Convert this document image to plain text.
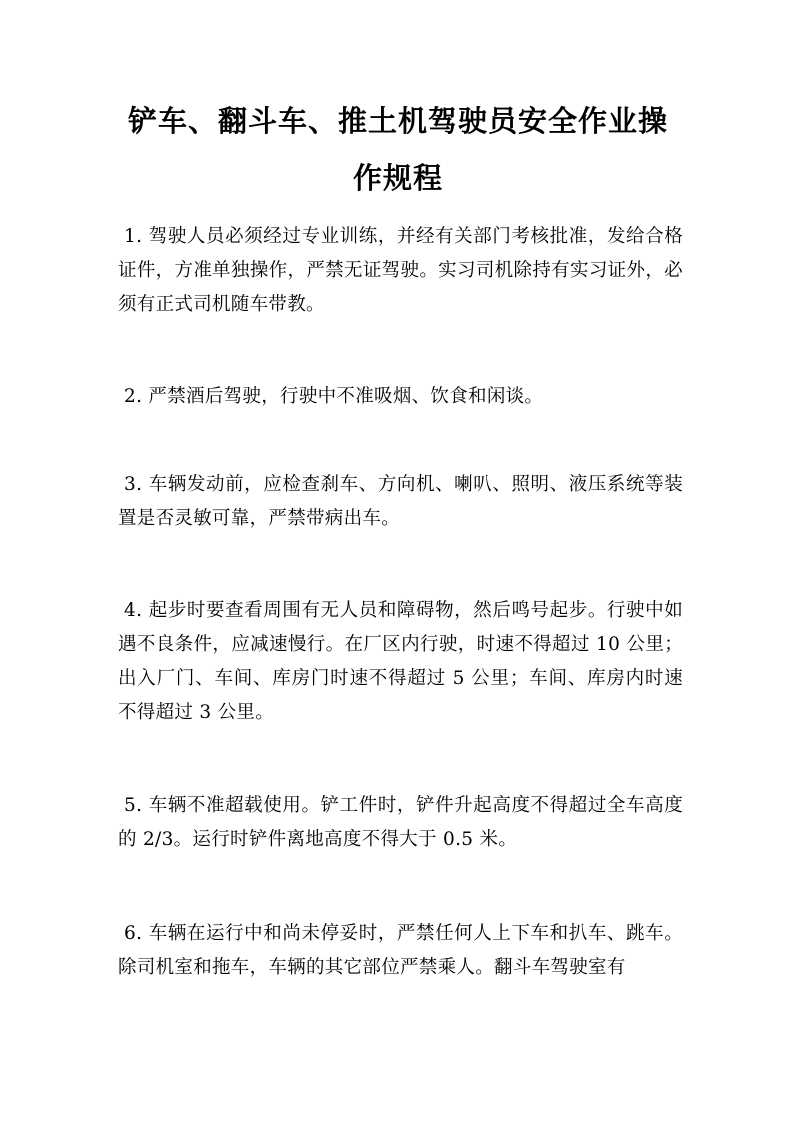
铲车、翻斗车、推土机驾驶员安全作业操作规程

1. 驾驶人员必须经过专业训练，并经有关部门考核批准，发给合格证件，方准单独操作，严禁无证驾驶。实习司机除持有实习证外，必须有正式司机随车带教。

2. 严禁酒后驾驶，行驶中不准吸烟、饮食和闲谈。

3. 车辆发动前，应检查刹车、方向机、喇叭、照明、液压系统等装置是否灵敏可靠，严禁带病出车。

4. 起步时要查看周围有无人员和障碍物，然后鸣号起步。行驶中如遇不良条件，应减速慢行。在厂区内行驶，时速不得超过 10 公里；出入厂门、车间、库房门时速不得超过 5 公里；车间、库房内时速不得超过 3 公里。

5. 车辆不准超载使用。铲工件时，铲件升起高度不得超过全车高度的 2/3。运行时铲件离地高度不得大于 0.5 米。

6. 车辆在运行中和尚未停妥时，严禁任何人上下车和扒车、跳车。除司机室和拖车，车辆的其它部位严禁乘人。翻斗车驾驶室有
